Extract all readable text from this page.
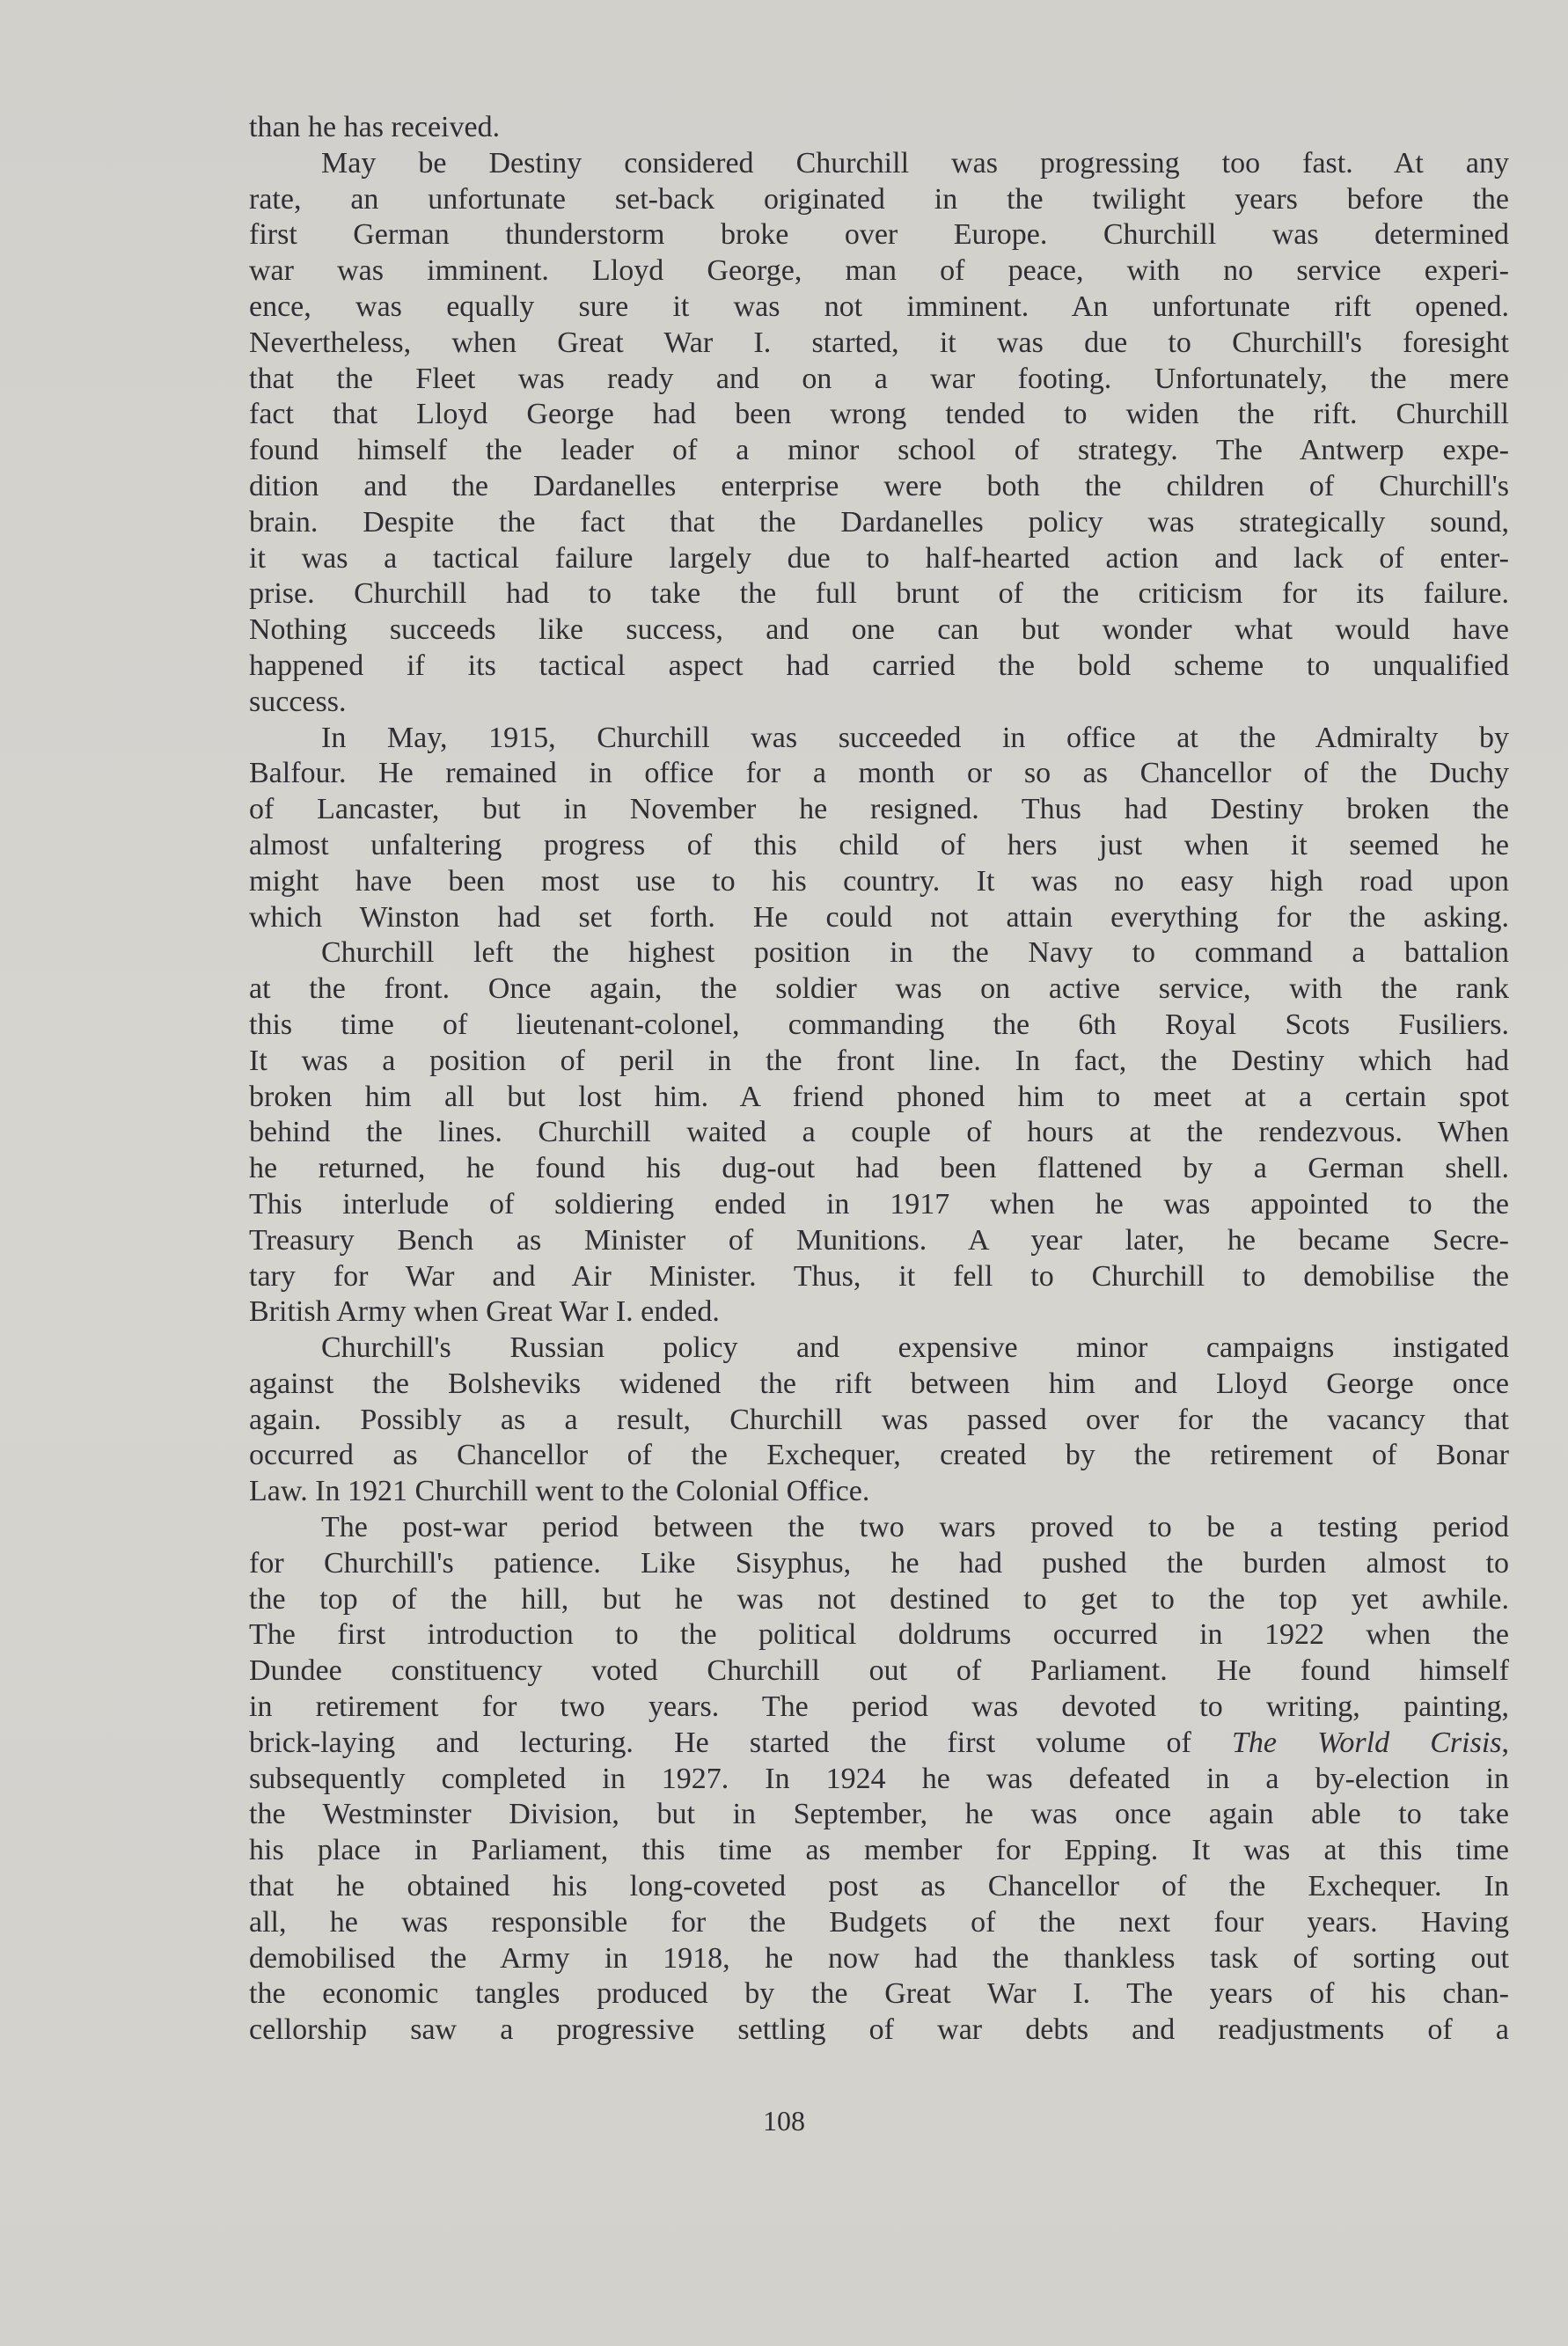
than he has received.
May be Destiny considered Churchill was progressing too fast. At any
rate, an unfortunate set-back originated in the twilight years before the
first German thunderstorm broke over Europe. Churchill was determined
war was imminent. Lloyd George, man of peace, with no service experi-
ence, was equally sure it was not imminent. An unfortunate rift opened.
Nevertheless, when Great War I. started, it was due to Churchill's foresight
that the Fleet was ready and on a war footing. Unfortunately, the mere
fact that Lloyd George had been wrong tended to widen the rift. Churchill
found himself the leader of a minor school of strategy. The Antwerp expe-
dition and the Dardanelles enterprise were both the children of Churchill's
brain. Despite the fact that the Dardanelles policy was strategically sound,
it was a tactical failure largely due to half-hearted action and lack of enter-
prise. Churchill had to take the full brunt of the criticism for its failure.
Nothing succeeds like success, and one can but wonder what would have
happened if its tactical aspect had carried the bold scheme to unqualified
success.
In May, 1915, Churchill was succeeded in office at the Admiralty by
Balfour. He remained in office for a month or so as Chancellor of the Duchy
of Lancaster, but in November he resigned. Thus had Destiny broken the
almost unfaltering progress of this child of hers just when it seemed he
might have been most use to his country. It was no easy high road upon
which Winston had set forth. He could not attain everything for the asking.
Churchill left the highest position in the Navy to command a battalion
at the front. Once again, the soldier was on active service, with the rank
this time of lieutenant-colonel, commanding the 6th Royal Scots Fusiliers.
It was a position of peril in the front line. In fact, the Destiny which had
broken him all but lost him. A friend phoned him to meet at a certain spot
behind the lines. Churchill waited a couple of hours at the rendezvous. When
he returned, he found his dug-out had been flattened by a German shell.
This interlude of soldiering ended in 1917 when he was appointed to the
Treasury Bench as Minister of Munitions. A year later, he became Secre-
tary for War and Air Minister. Thus, it fell to Churchill to demobilise the
British Army when Great War I. ended.
Churchill's Russian policy and expensive minor campaigns instigated
against the Bolsheviks widened the rift between him and Lloyd George once
again. Possibly as a result, Churchill was passed over for the vacancy that
occurred as Chancellor of the Exchequer, created by the retirement of Bonar
Law. In 1921 Churchill went to the Colonial Office.
The post-war period between the two wars proved to be a testing period
for Churchill's patience. Like Sisyphus, he had pushed the burden almost to
the top of the hill, but he was not destined to get to the top yet awhile.
The first introduction to the political doldrums occurred in 1922 when the
Dundee constituency voted Churchill out of Parliament. He found himself
in retirement for two years. The period was devoted to writing, painting,
brick-laying and lecturing. He started the first volume of The World Crisis,
subsequently completed in 1927. In 1924 he was defeated in a by-election in
the Westminster Division, but in September, he was once again able to take
his place in Parliament, this time as member for Epping. It was at this time
that he obtained his long-coveted post as Chancellor of the Exchequer. In
all, he was responsible for the Budgets of the next four years. Having
demobilised the Army in 1918, he now had the thankless task of sorting out
the economic tangles produced by the Great War I. The years of his chan-
cellorship saw a progressive settling of war debts and readjustments of a
108
